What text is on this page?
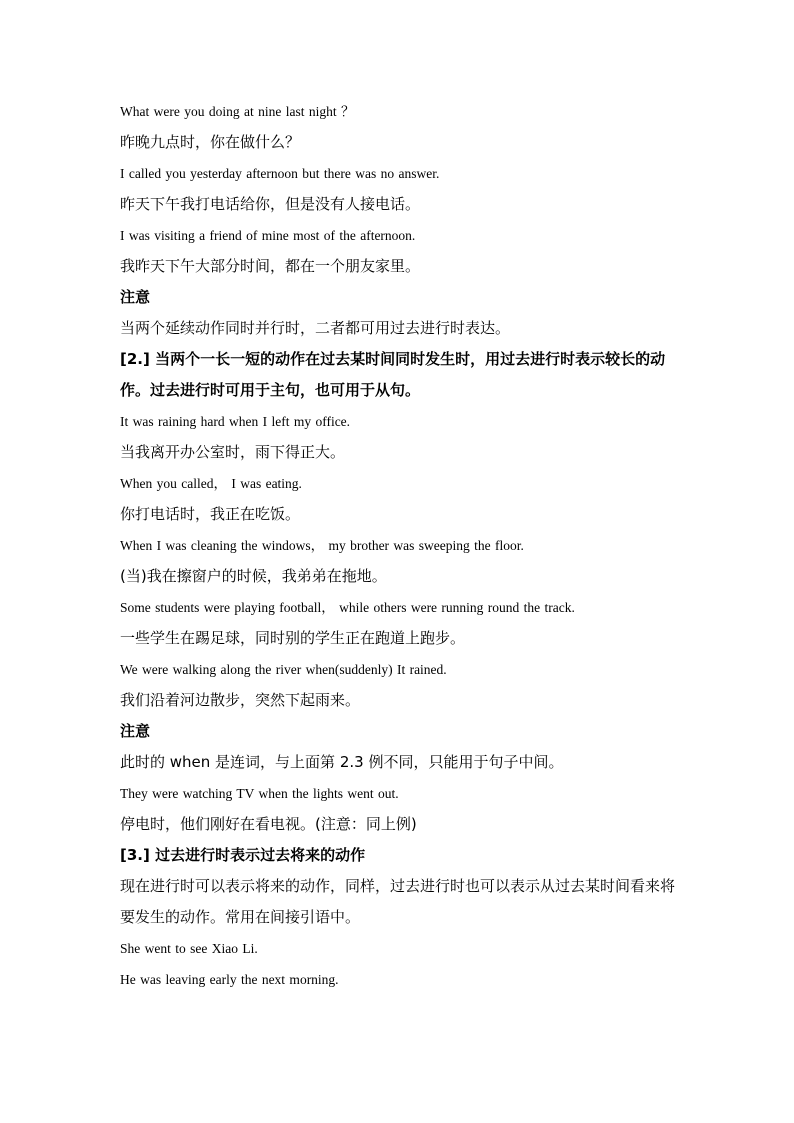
What were you doing at nine last night ？
昨晚九点时，你在做什么？
I called you yesterday afternoon but there was no answer.
昨天下午我打电话给你，但是没有人接电话。
I was visiting a friend of mine most of the afternoon.
我昨天下午大部分时间，都在一个朋友家里。
注意
当两个延续动作同时并行时，二者都可用过去进行时表达。
[2.] 当两个一长一短的动作在过去某时间同时发生时，用过去进行时表示较长的动作。过去进行时可用于主句，也可用于从句。
It was raining hard when I left my office.
当我离开办公室时，雨下得正大。
When you called， I was eating.
你打电话时，我正在吃饭。
When I was cleaning the windows， my brother was sweeping the floor.
(当)我在擦窗户的时候，我弟弟在拖地。
Some students were playing football， while others were running round the track.
一些学生在踢足球，同时别的学生正在跑道上跑步。
We were walking along the river when(suddenly) It rained.
我们沿着河边散步，突然下起雨来。
注意
此时的 when 是连词，与上面第 2.3 例不同，只能用于句子中间。
They were watching TV when the lights went out.
停电时，他们刚好在看电视。(注意：同上例)
[3.] 过去进行时表示过去将来的动作
现在进行时可以表示将来的动作，同样，过去进行时也可以表示从过去某时间看来将要发生的动作。常用在间接引语中。
She went to see Xiao Li.
He was leaving early the next morning.
